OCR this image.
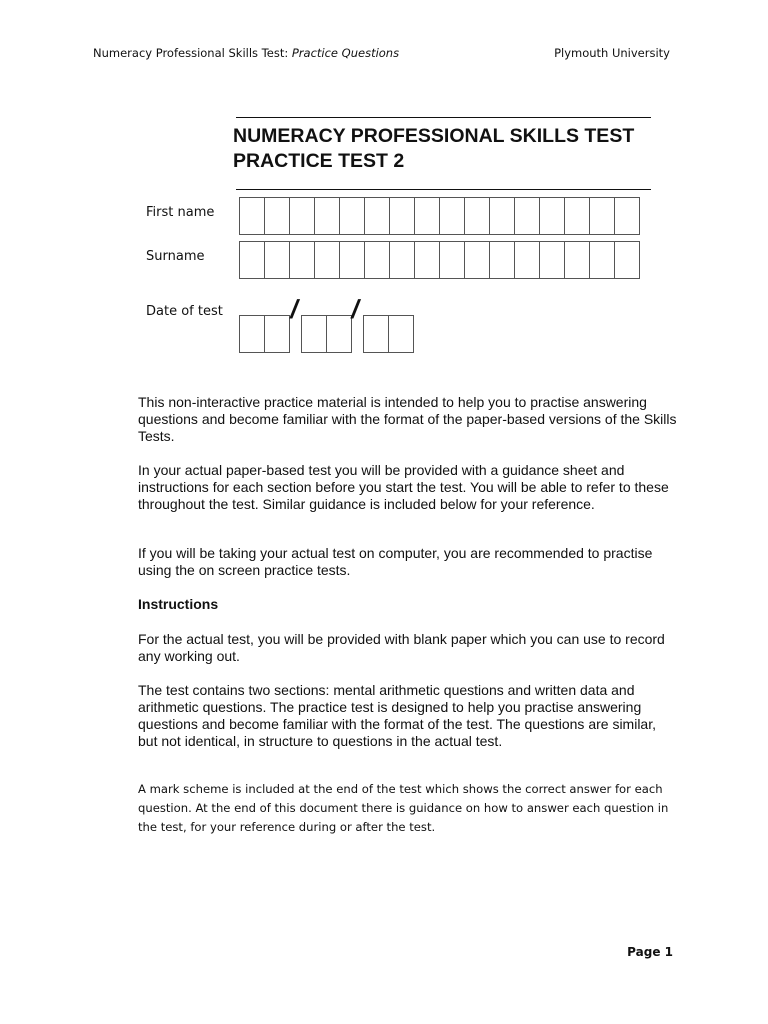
Numeracy Professional Skills Test: Practice Questions	Plymouth University
NUMERACY PROFESSIONAL SKILLS TEST
PRACTICE TEST 2
First name
Surname
Date of test / /
This non-interactive practice material is intended to help you to practise answering questions and become familiar with the format of the paper-based versions of the Skills Tests.
In your actual paper-based test you will be provided with a guidance sheet and instructions for each section before you start the test. You will be able to refer to these throughout the test. Similar guidance is included below for your reference.
If you will be taking your actual test on computer, you are recommended to practise using the on screen practice tests.
Instructions
For the actual test, you will be provided with blank paper which you can use to record any working out.
The test contains two sections: mental arithmetic questions and written data and arithmetic questions. The practice test is designed to help you practise answering questions and become familiar with the format of the test. The questions are similar, but not identical, in structure to questions in the actual test.
A mark scheme is included at the end of the test which shows the correct answer for each question. At the end of this document there is guidance on how to answer each question in the test, for your reference during or after the test.
Page 1
